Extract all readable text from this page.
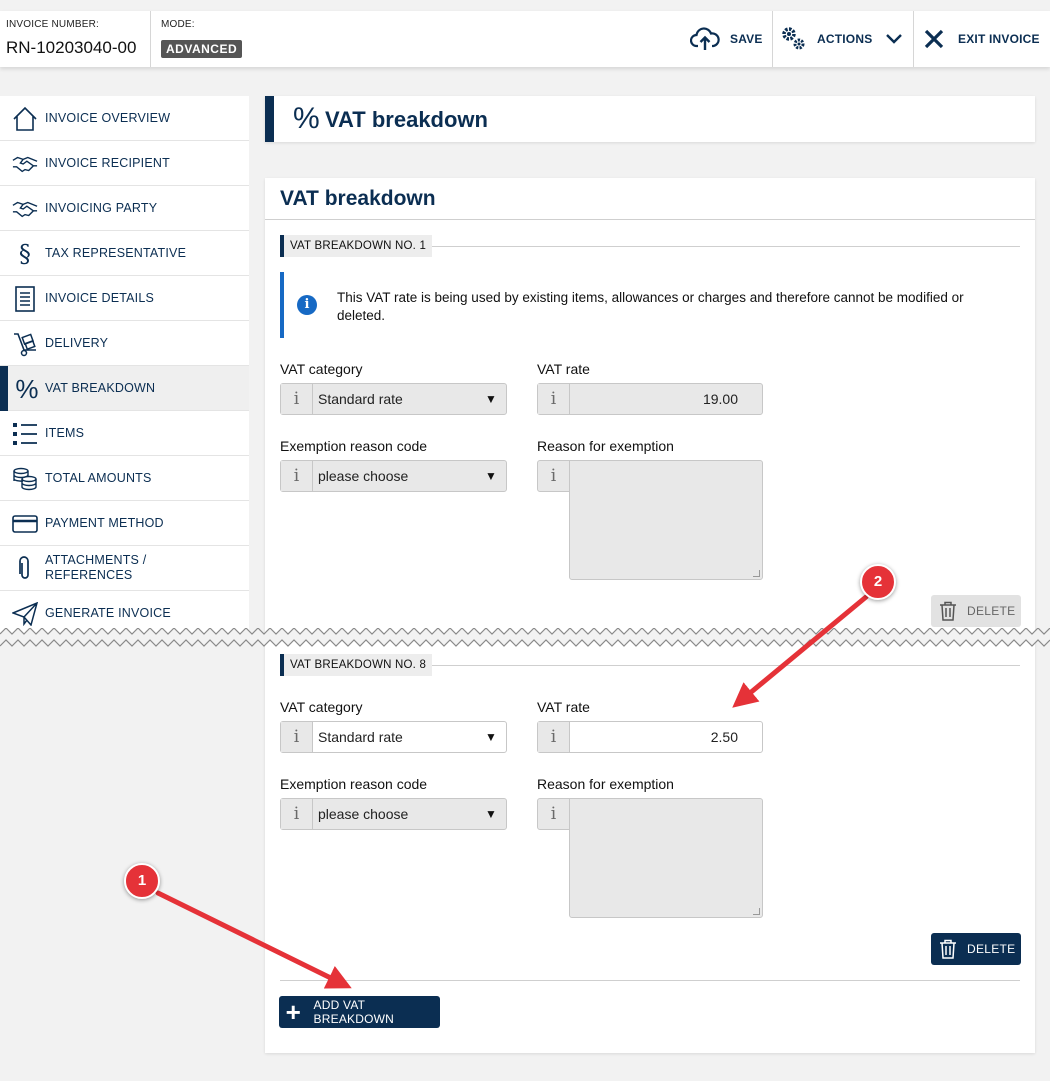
INVOICE NUMBER:
RN-10203040-00
MODE:
ADVANCED
SAVE	ACTIONS	EXIT INVOICE
INVOICE OVERVIEW
INVOICE RECIPIENT
INVOICING PARTY
§	TAX REPRESENTATIVE
INVOICE DETAILS
DELIVERY
% VAT BREAKDOWN
ITEMS
TOTAL AMOUNTS
PAYMENT METHOD
ATTACHMENTS /
REFERENCES
GENERATE INVOICE
% VAT breakdown
VAT breakdown
VAT BREAKDOWN NO. 1
i	This VAT rate is being used by existing items, allowances or charges and therefore cannot be modified or deleted.
VAT category
i	Standard rate	▼
VAT rate
i	19.00
Exemption reason code
i	please choose	▼
Reason for exemption
i
DELETE
VAT BREAKDOWN NO. 8
VAT category
i	Standard rate	▼
VAT rate
i	2.50
Exemption reason code
i	please choose	▼
Reason for exemption
i
DELETE
+ ADD VAT BREAKDOWN
1
2
